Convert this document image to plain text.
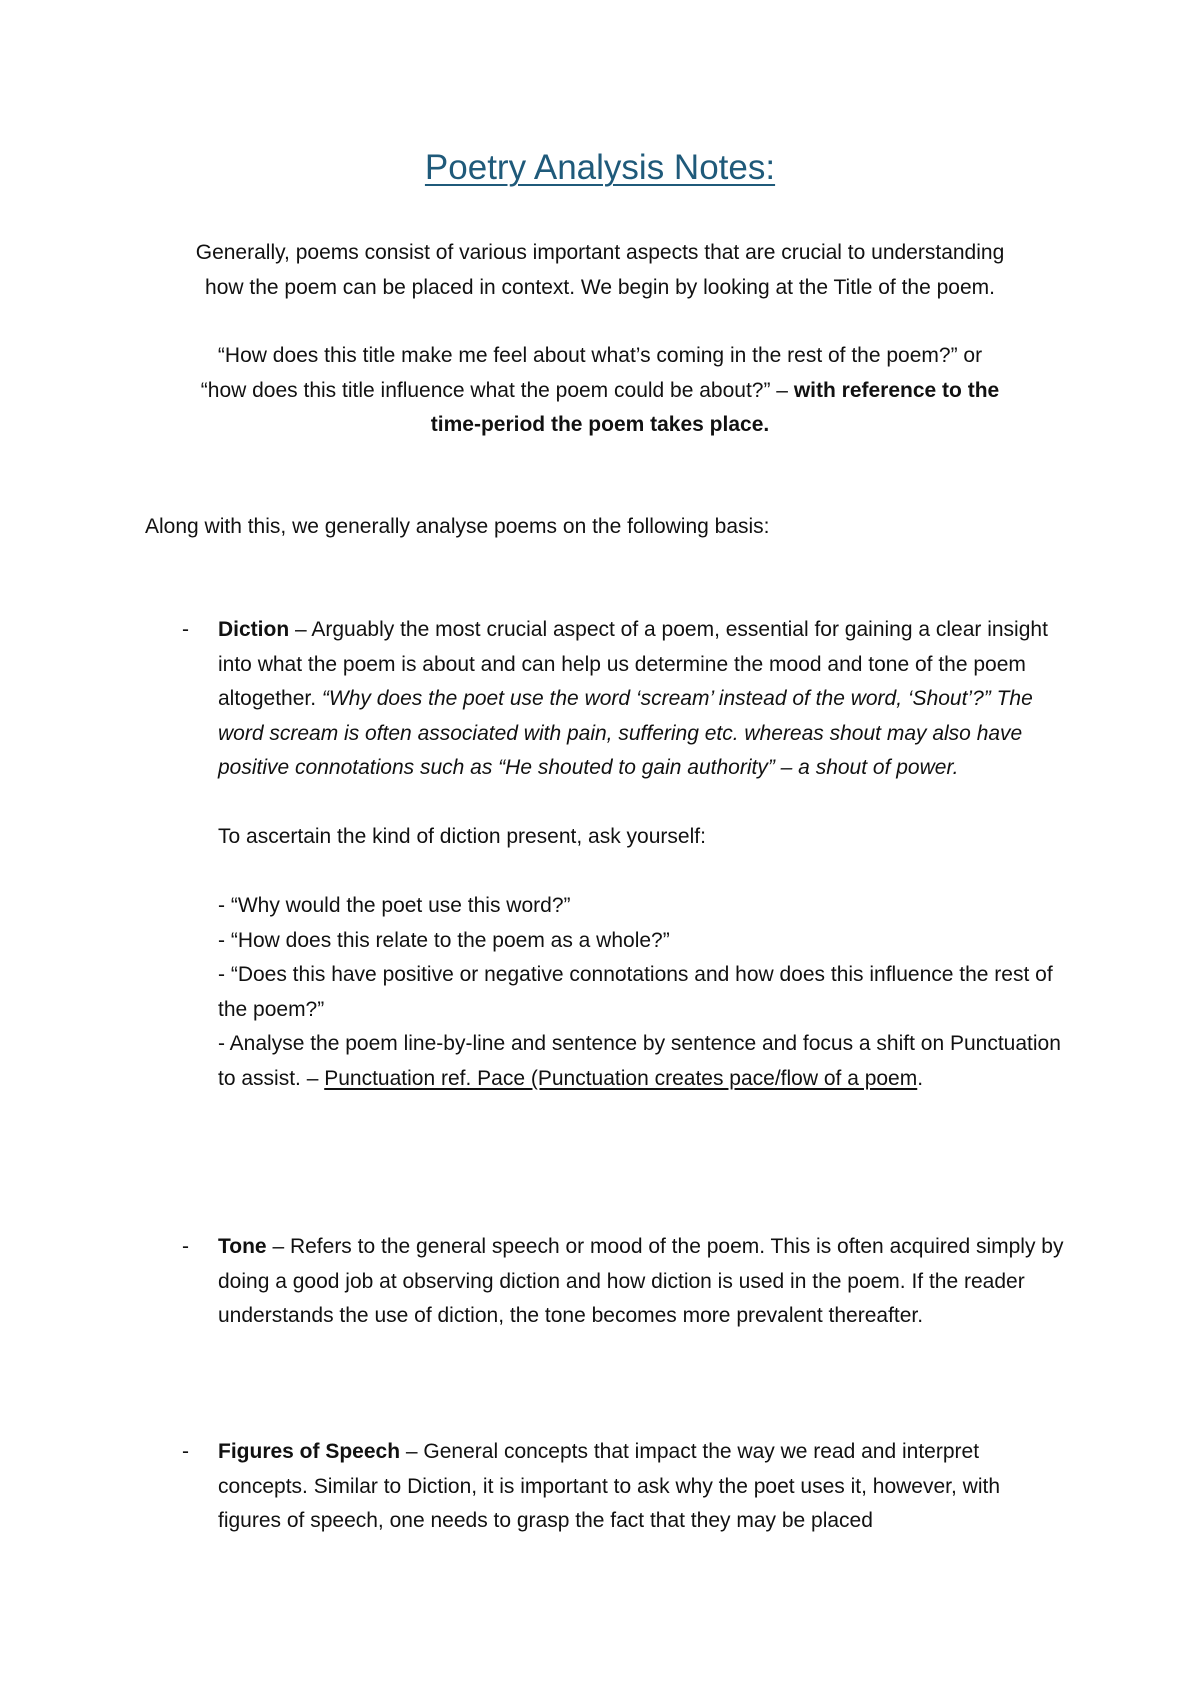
Poetry Analysis Notes:
Generally, poems consist of various important aspects that are crucial to understanding
how the poem can be placed in context. We begin by looking at the Title of the poem.
“How does this title make me feel about what’s coming in the rest of the poem?” or
“how does this title influence what the poem could be about?” – with reference to the
time-period the poem takes place.
Along with this, we generally analyse poems on the following basis:
-	Diction – Arguably the most crucial aspect of a poem, essential for gaining a clear insight into what the poem is about and can help us determine the mood and tone of the poem altogether. “Why does the poet use the word ‘scream’ instead of the word, ‘Shout’?” The word scream is often associated with pain, suffering etc. whereas shout may also have positive connotations such as “He shouted to gain authority” – a shout of power.

To ascertain the kind of diction present, ask yourself:

- “Why would the poet use this word?”

- “How does this relate to the poem as a whole?”

- “Does this have positive or negative connotations and how does this influence the rest of the poem?”

- Analyse the poem line-by-line and sentence by sentence and focus a shift on Punctuation to assist. – Punctuation ref. Pace (Punctuation creates pace/flow of a poem.

-	Tone – Refers to the general speech or mood of the poem. This is often acquired simply by doing a good job at observing diction and how diction is used in the poem. If the reader understands the use of diction, the tone becomes more prevalent thereafter.

-	Figures of Speech – General concepts that impact the way we read and interpret concepts. Similar to Diction, it is important to ask why the poet uses it, however, with figures of speech, one needs to grasp the fact that they may be placed
